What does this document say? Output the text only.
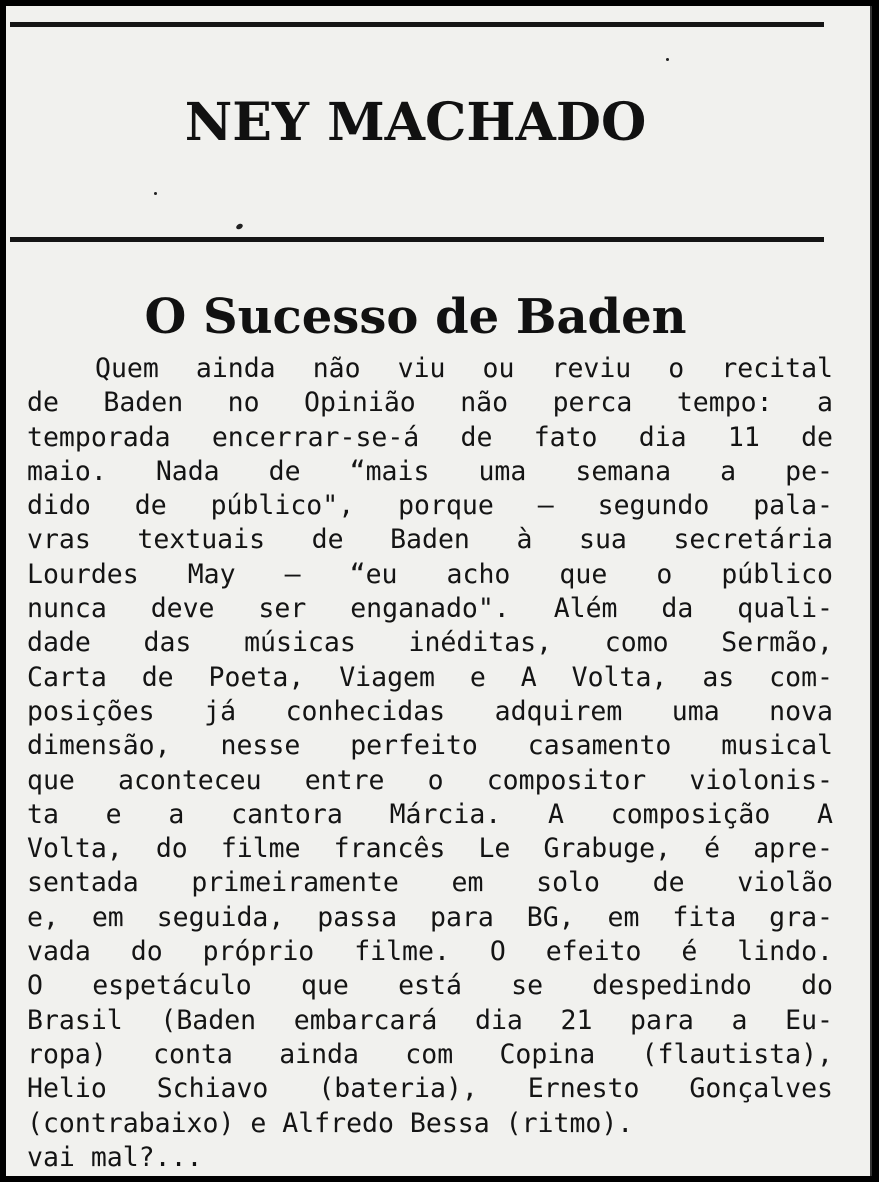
NEY MACHADO
O Sucesso de Baden
Quem ainda não viu ou reviu o recital
de Baden no Opinião não perca tempo: a
temporada encerrar-se-á de fato dia 11 de
maio. Nada de “mais uma semana a pe-
dido de público", porque — segundo pala-
vras textuais de Baden à sua secretária
Lourdes May — “eu acho que o público
nunca deve ser enganado". Além da quali-
dade das músicas inéditas, como Sermão,
Carta de Poeta, Viagem e A Volta, as com-
posições já conhecidas adquirem uma nova
dimensão, nesse perfeito casamento musical
que aconteceu entre o compositor violonis-
ta e a cantora Márcia. A composição A
Volta, do filme francês Le Grabuge, é apre-
sentada primeiramente em solo de violão
e, em seguida, passa para BG, em fita gra-
vada do próprio filme. O efeito é lindo.
O espetáculo que está se despedindo do
Brasil (Baden embarcará dia 21 para a Eu-
ropa) conta ainda com Copina (flautista),
Helio Schiavo (bateria), Ernesto Gonçalves
(contrabaixo) e Alfredo Bessa (ritmo).
vai mal?...
